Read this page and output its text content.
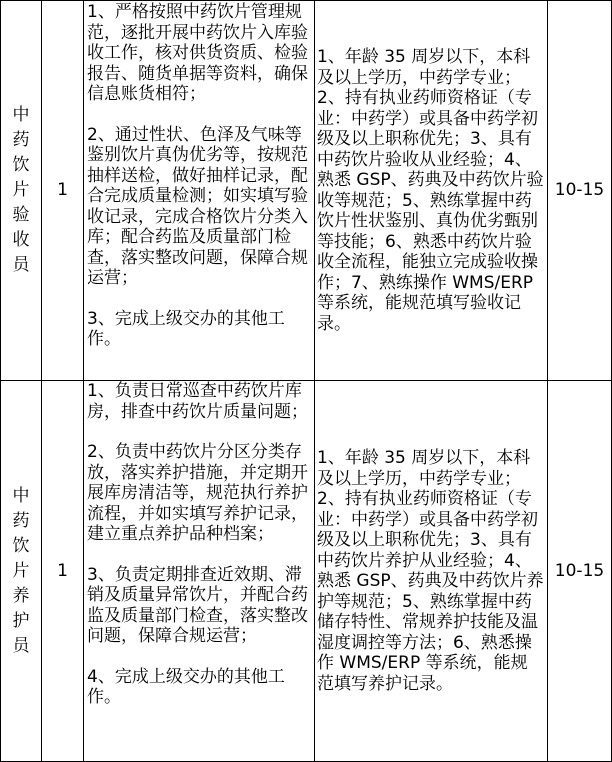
中药饮片验收员	1	1、严格按照中药饮片管理规范，逐批开展中药饮片入库验收工作，核对供货资质、检验报告、随货单据等资料，确保信息账货相符；

2、通过性状、色泽及气味等鉴别饮片真伪优劣等，按规范抽样送检，做好抽样记录，配合完成质量检测；如实填写验收记录，完成合格饮片分类入库；配合药监及质量部门检查，落实整改问题，保障合规运营；

3、完成上级交办的其他工作。	1、年龄 35 周岁以下，本科及以上学历，中药学专业；2、持有执业药师资格证（专业：中药学）或具备中药学初级及以上职称优先；3、具有中药饮片验收从业经验；4、熟悉 GSP、药典及中药饮片验收等规范；5、熟练掌握中药饮片性状鉴别、真伪优劣甄别等技能；6、熟悉中药饮片验收全流程，能独立完成验收操作；7、熟练操作 WMS/ERP 等系统，能规范填写验收记录。	10-15
中药饮片养护员	1	1、负责日常巡查中药饮片库房，排查中药饮片质量问题；

2、负责中药饮片分区分类存放，落实养护措施，并定期开展库房清洁等，规范执行养护流程，并如实填写养护记录，建立重点养护品种档案；

3、负责定期排查近效期、滞销及质量异常饮片，并配合药监及质量部门检查，落实整改问题，保障合规运营；

4、完成上级交办的其他工作。	1、年龄 35 周岁以下，本科及以上学历，中药学专业；2、持有执业药师资格证（专业：中药学）或具备中药学初级及以上职称优先；3、具有中药饮片养护从业经验；4、熟悉 GSP、药典及中药饮片养护等规范；5、熟练掌握中药储存特性、常规养护技能及温湿度调控等方法；6、熟悉操作 WMS/ERP 等系统，能规范填写养护记录。	10-15
